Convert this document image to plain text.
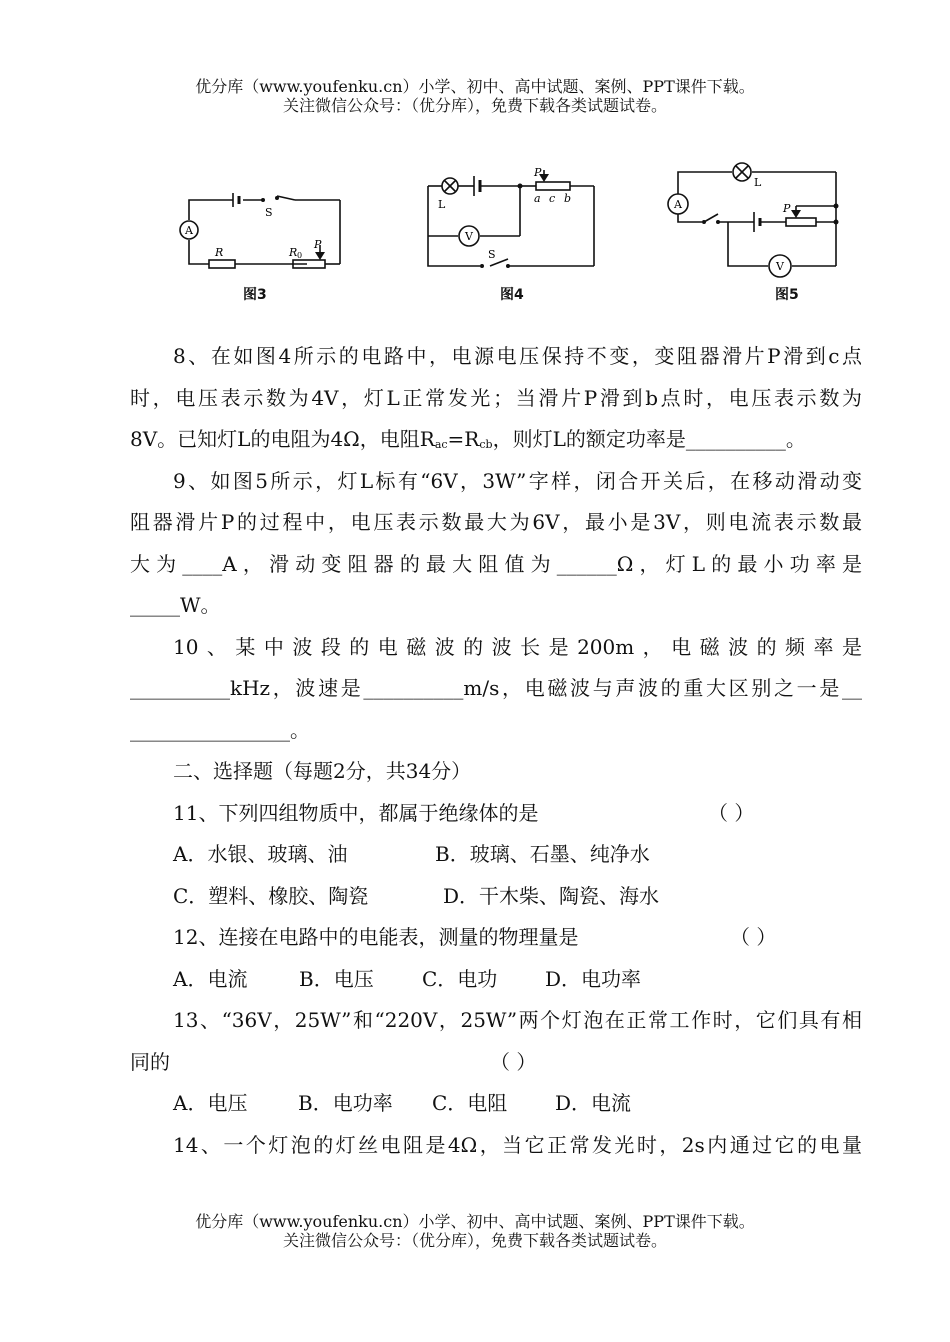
优分库（www.youfenku.cn）小学、初中、高中试题、案例、PPT课件下载。
关注微信公众号：（优分库），免费下载各类试题试卷。
A
S
R	R 0
P
图3
L
P
a c b
V
S
图4
A
L
P
V
图5
8、在如图4所示的电路中，电源电压保持不变，变阻器滑片P滑到c点
时，电压表示数为4V，灯L正常发光；当滑片P滑到b点时，电压表示数为
8V。已知灯L的电阻为4Ω，电阻$R_{ac}=R_{cb}$，则灯L的额定功率是__________。
9、如图5所示，灯L标有“6V，3W”字样，闭合开关后，在移动滑动变
阻器滑片P的过程中，电压表示数最大为6V，最小是3V，则电流表示数最
大为____A，滑动变阻器的最大阻值为______Ω，灯L的最小功率是
_____W。
10、某中波段的电磁波的波长是200m，电磁波的频率是
__________kHz，波速是__________m/s，电磁波与声波的重大区别之一是__
________________。
二、选择题（每题2分，共34分）
11、下列四组物质中，都属于绝缘体的是	（ ）
A．水银、玻璃、油	B．玻璃、石墨、纯净水
C．塑料、橡胶、陶瓷	D．干木柴、陶瓷、海水
12、连接在电路中的电能表，测量的物理量是	（ ）
A．电流	B．电压 C．电功 D．电功率
13、“36V，25W”和“220V，25W”两个灯泡在正常工作时，它们具有相
同的	（ ）
A．电压	B．电功率 C．电阻 D．电流
14、一个灯泡的灯丝电阻是4Ω，当它正常发光时，2s内通过它的电量
优分库（www.youfenku.cn）小学、初中、高中试题、案例、PPT课件下载。
关注微信公众号：（优分库），免费下载各类试题试卷。
